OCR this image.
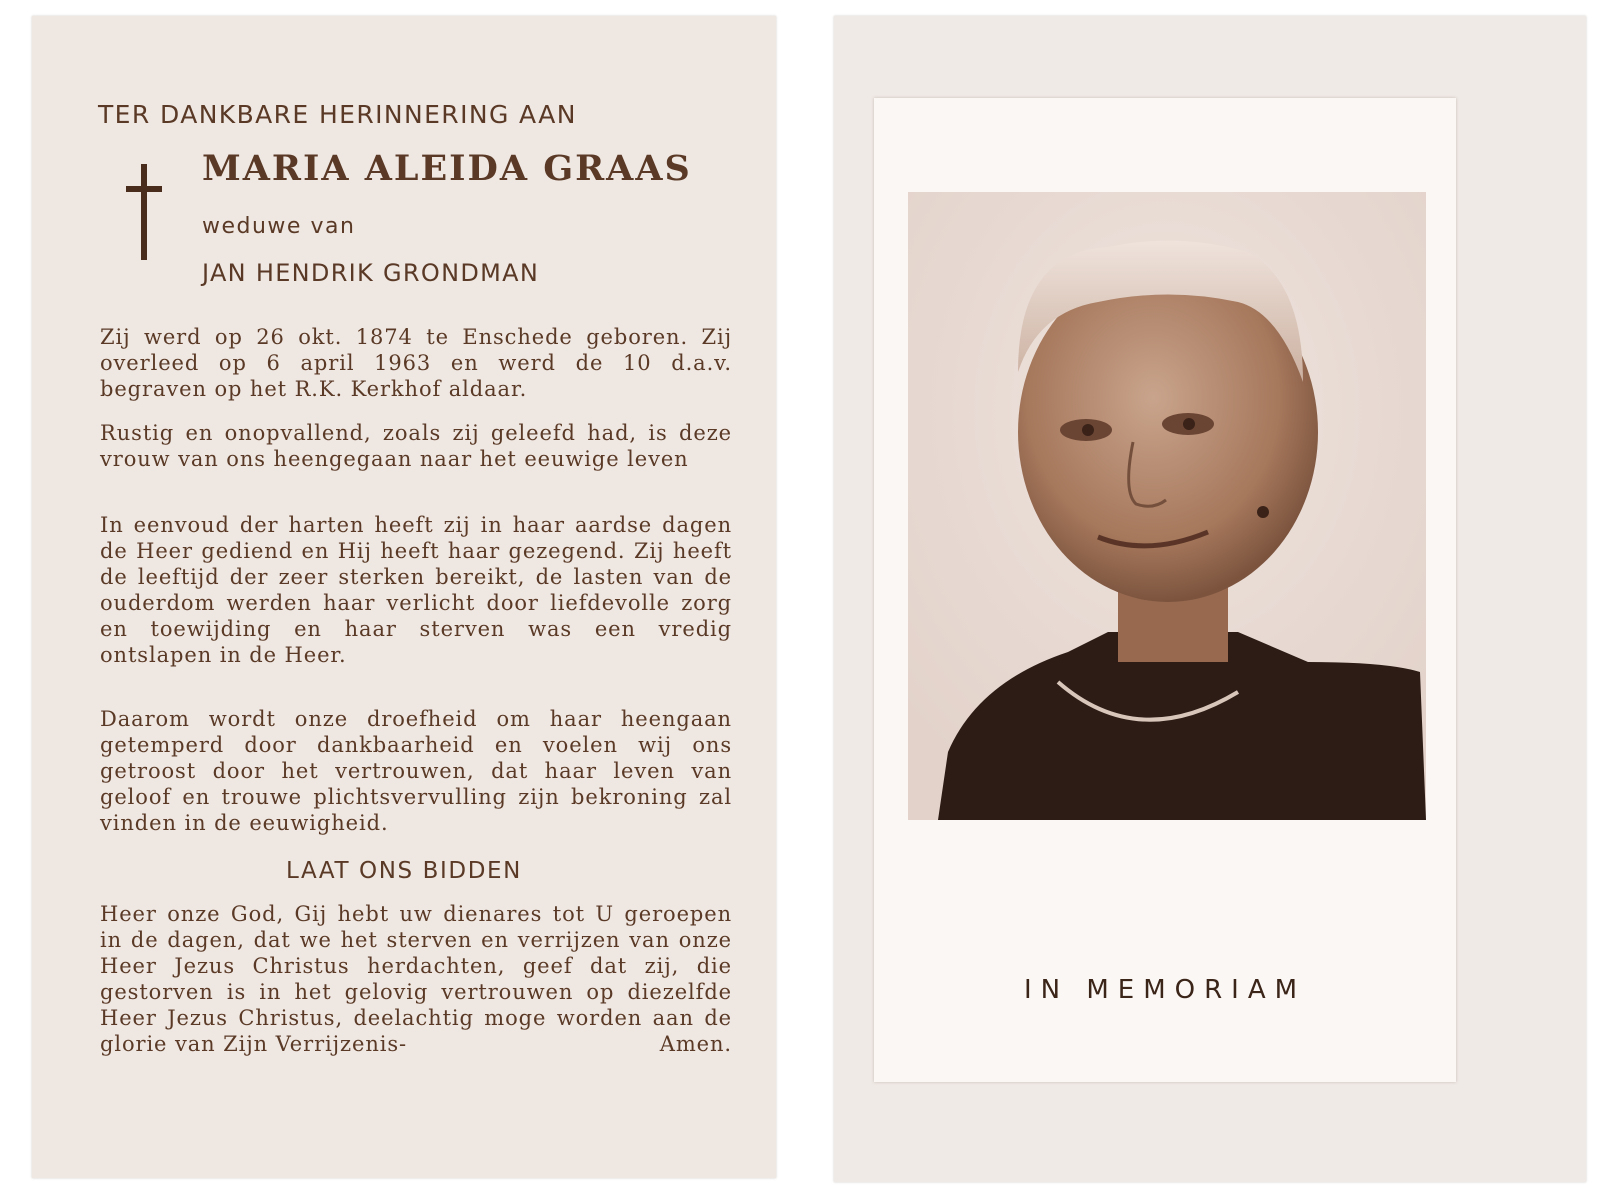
TER DANKBARE HERINNERING AAN
MARIA ALEIDA GRAAS
weduwe van
JAN HENDRIK GRONDMAN
Zij werd op 26 okt. 1874 te Enschede geboren. Zij overleed op 6 april 1963 en werd de 10 d.a.v. begraven op het R.K. Kerkhof aldaar.
Rustig en onopvallend, zoals zij geleefd had, is deze vrouw van ons heengegaan naar het eeuwige leven
In eenvoud der harten heeft zij in haar aardse dagen de Heer gediend en Hij heeft haar gezegend. Zij heeft de leeftijd der zeer sterken bereikt, de lasten van de ouderdom werden haar verlicht door liefdevolle zorg en toewijding en haar sterven was een vredig ontslapen in de Heer.
Daarom wordt onze droefheid om haar heengaan getemperd door dankbaarheid en voelen wij ons getroost door het vertrouwen, dat haar leven van geloof en trouwe plichtsvervulling zijn bekroning zal vinden in de eeuwigheid.
LAAT ONS BIDDEN
Heer onze God, Gij hebt uw dienares tot U geroepen in de dagen, dat we het sterven en verrijzen van onze Heer Jezus Christus herdachten, geef dat zij, die gestorven is in het gelovig vertrouwen op diezelfde Heer Jezus Christus, deelachtig moge worden aan de glorie van Zijn Verrijzenis-	Amen.
IN MEMORIAM
